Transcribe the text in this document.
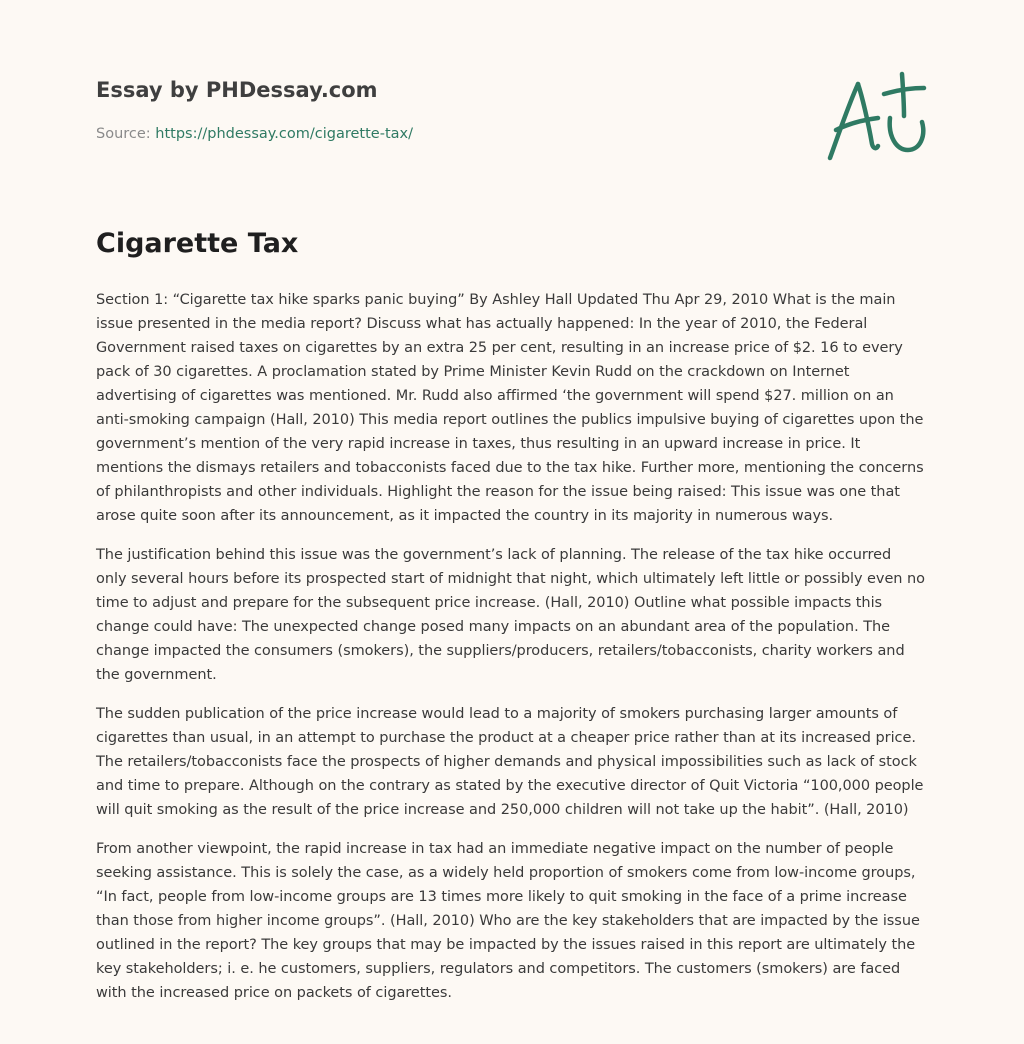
Essay by PHDessay.com
Source: https://phdessay.com/cigarette-tax/
Cigarette Tax

Section 1: “Cigarette tax hike sparks panic buying” By Ashley Hall Updated Thu Apr 29, 2010 What is the main issue presented in the media report? Discuss what has actually happened: In the year of 2010, the Federal Government raised taxes on cigarettes by an extra 25 per cent, resulting in an increase price of $2. 16 to every pack of 30 cigarettes. A proclamation stated by Prime Minister Kevin Rudd on the crackdown on Internet advertising of cigarettes was mentioned. Mr. Rudd also affirmed ‘the government will spend $27. million on an anti-smoking campaign (Hall, 2010) This media report outlines the publics impulsive buying of cigarettes upon the government’s mention of the very rapid increase in taxes, thus resulting in an upward increase in price. It mentions the dismays retailers and tobacconists faced due to the tax hike. Further more, mentioning the concerns of philanthropists and other individuals. Highlight the reason for the issue being raised: This issue was one that arose quite soon after its announcement, as it impacted the country in its majority in numerous ways.

The justification behind this issue was the government’s lack of planning. The release of the tax hike occurred only several hours before its prospected start of midnight that night, which ultimately left little or possibly even no time to adjust and prepare for the subsequent price increase. (Hall, 2010) Outline what possible impacts this change could have: The unexpected change posed many impacts on an abundant area of the population. The change impacted the consumers (smokers), the suppliers/producers, retailers/tobacconists, charity workers and the government.

The sudden publication of the price increase would lead to a majority of smokers purchasing larger amounts of cigarettes than usual, in an attempt to purchase the product at a cheaper price rather than at its increased price. The retailers/tobacconists face the prospects of higher demands and physical impossibilities such as lack of stock and time to prepare. Although on the contrary as stated by the executive director of Quit Victoria “100,000 people will quit smoking as the result of the price increase and 250,000 children will not take up the habit”. (Hall, 2010)

From another viewpoint, the rapid increase in tax had an immediate negative impact on the number of people seeking assistance. This is solely the case, as a widely held proportion of smokers come from low-income groups, “In fact, people from low-income groups are 13 times more likely to quit smoking in the face of a prime increase than those from higher income groups”. (Hall, 2010) Who are the key stakeholders that are impacted by the issue outlined in the report? The key groups that may be impacted by the issues raised in this report are ultimately the key stakeholders; i. e. he customers, suppliers, regulators and competitors. The customers (smokers) are faced with the increased price on packets of cigarettes.
